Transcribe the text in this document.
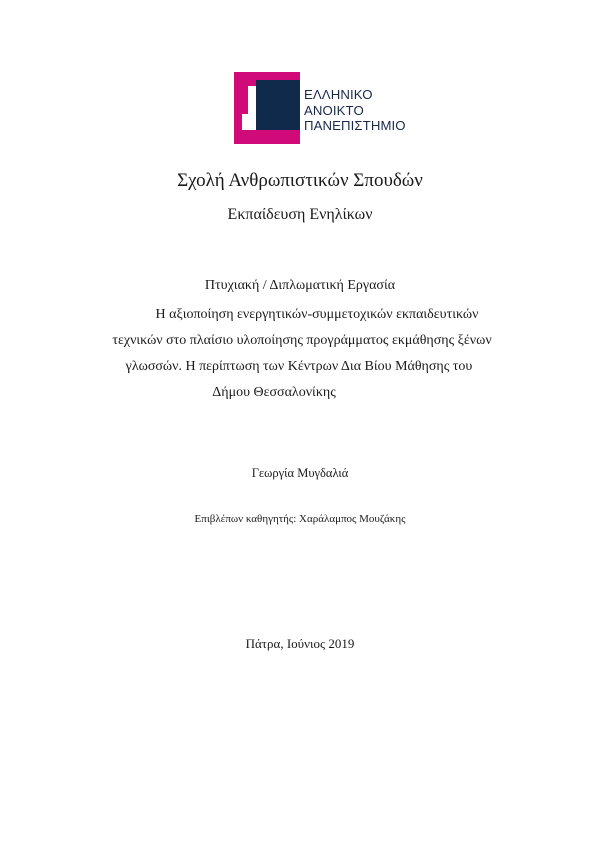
ΕΛΛΗΝΙΚΟ
ΑΝΟΙΚΤΟ
ΠΑΝΕΠΙΣΤΗΜΙΟ
Σχολή Ανθρωπιστικών Σπουδών
Εκπαίδευση Ενηλίκων
Πτυχιακή / Διπλωματική Εργασία
Η αξιοποίηση ενεργητικών-συμμετοχικών εκπαιδευτικών
τεχνικών στο πλαίσιο υλοποίησης προγράμματος εκμάθησης ξένων
γλωσσών. Η περίπτωση των Κέντρων Δια Βίου Μάθησης του
Δήμου Θεσσαλονίκης
Γεωργία Μυγδαλιά
Επιβλέπων καθηγητής: Χαράλαμπος Μουζάκης
Πάτρα, Ιούνιος 2019
